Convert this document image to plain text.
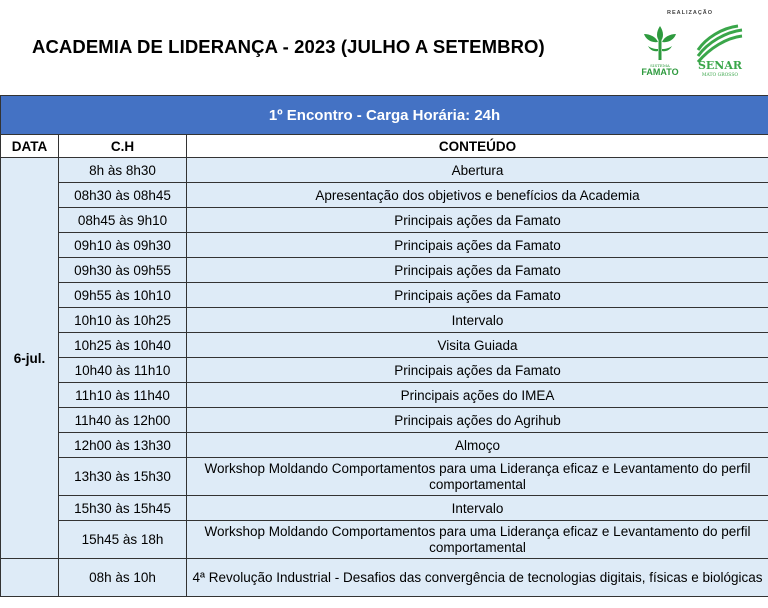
ACADEMIA DE LIDERANÇA - 2023 (JULHO A SETEMBRO)
REALIZAÇÃO
SISTEMA
FAMATO SENAR
MATO GROSSO
1º Encontro - Carga Horária: 24h		
DATA	C.H	CONTEÚDO
6-jul.	8h às 8h30	Abertura
	08h30 às 08h45	Apresentação dos objetivos e benefícios da Academia
	08h45 às 9h10	Principais ações da Famato
	09h10 às 09h30	Principais ações da Famato
	09h30 às 09h55	Principais ações da Famato
	09h55 às 10h10	Principais ações da Famato
	10h10 às 10h25	Intervalo
	10h25 às 10h40	Visita Guiada
	10h40 às 11h10	Principais ações da Famato
	11h10 às 11h40	Principais ações do IMEA
	11h40 às 12h00	Principais ações do Agrihub
	12h00 às 13h30	Almoço
	13h30 às 15h30	Workshop Moldando Comportamentos para uma Liderança eficaz e Levantamento do perfil comportamental
	15h30 às 15h45	Intervalo
	15h45 às 18h	Workshop Moldando Comportamentos para uma Liderança eficaz e Levantamento do perfil comportamental
	08h às 10h	4ª Revolução Industrial - Desafios das convergência de tecnologias digitais, físicas e biológicas
